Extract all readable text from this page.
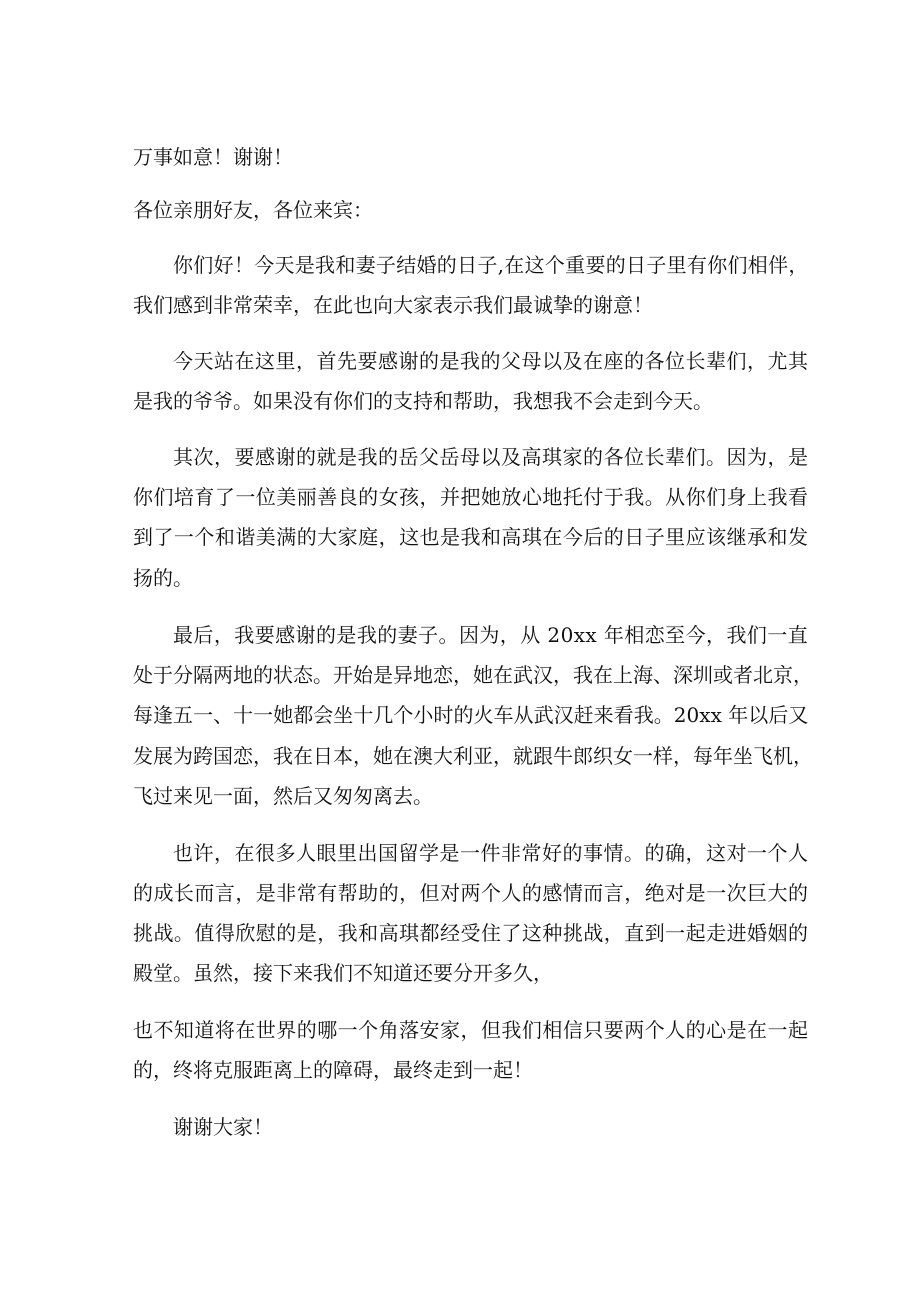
万事如意！谢谢！
各位亲朋好友，各位来宾：
你们好！今天是我和妻子结婚的日子,在这个重要的日子里有你们相伴，
我们感到非常荣幸，在此也向大家表示我们最诚挚的谢意！
今天站在这里，首先要感谢的是我的父母以及在座的各位长辈们，尤其
是我的爷爷。如果没有你们的支持和帮助，我想我不会走到今天。
其次，要感谢的就是我的岳父岳母以及高琪家的各位长辈们。因为，是
你们培育了一位美丽善良的女孩，并把她放心地托付于我。从你们身上我看
到了一个和谐美满的大家庭，这也是我和高琪在今后的日子里应该继承和发
扬的。
最后，我要感谢的是我的妻子。因为，从 20xx 年相恋至今，我们一直
处于分隔两地的状态。开始是异地恋，她在武汉，我在上海、深圳或者北京，
每逢五一、十一她都会坐十几个小时的火车从武汉赶来看我。20xx 年以后又
发展为跨国恋，我在日本，她在澳大利亚，就跟牛郎织女一样，每年坐飞机，
飞过来见一面，然后又匆匆离去。
也许，在很多人眼里出国留学是一件非常好的事情。的确，这对一个人
的成长而言，是非常有帮助的，但对两个人的感情而言，绝对是一次巨大的
挑战。值得欣慰的是，我和高琪都经受住了这种挑战，直到一起走进婚姻的
殿堂。虽然，接下来我们不知道还要分开多久，
也不知道将在世界的哪一个角落安家，但我们相信只要两个人的心是在一起
的，终将克服距离上的障碍，最终走到一起！
谢谢大家！
